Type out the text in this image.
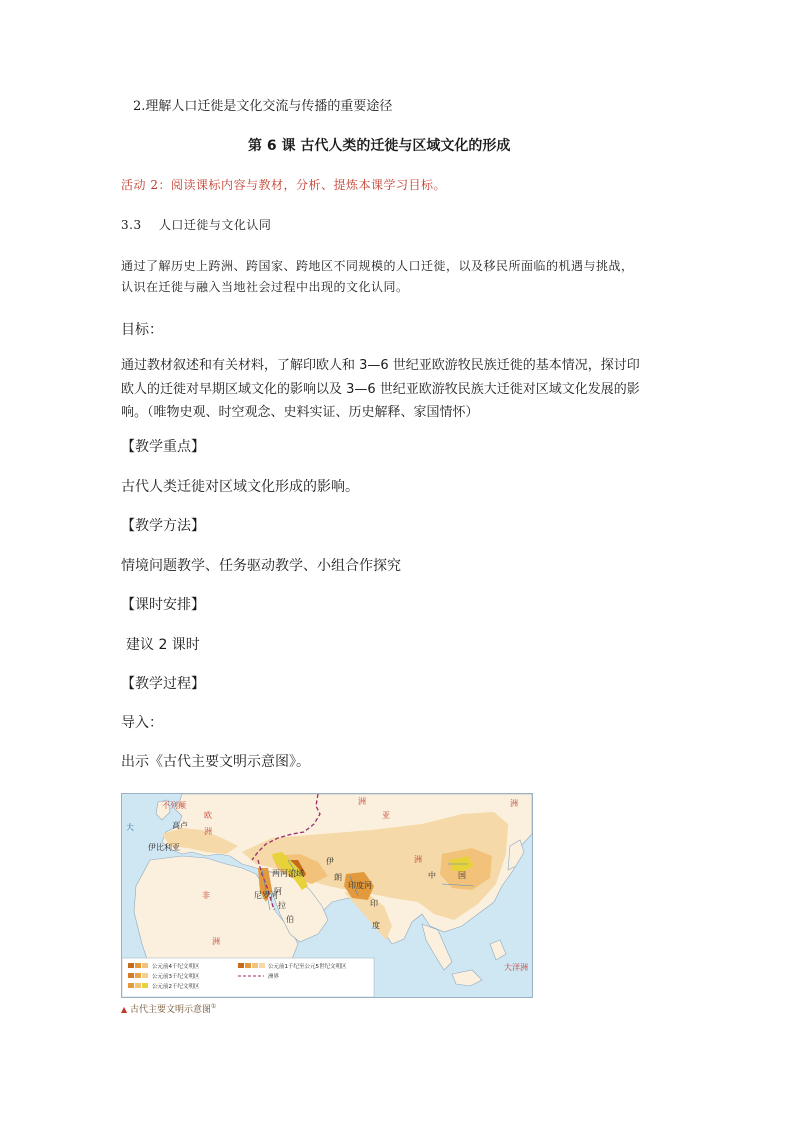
2.理解人口迁徙是文化交流与传播的重要途径

第 6 课 古代人类的迁徙与区域文化的形成

活动 2：阅读课标内容与教材，分析、提炼本课学习目标。

3.3 人口迁徙与文化认同

通过了解历史上跨洲、跨国家、跨地区不同规模的人口迁徙，以及移民所面临的机遇与挑战，

认识在迁徙与融入当地社会过程中出现的文化认同。

目标：

通过教材叙述和有关材料，了解印欧人和 3—6 世纪亚欧游牧民族迁徙的基本情况，探讨印

欧人的迁徙对早期区域文化的影响以及 3—6 世纪亚欧游牧民族大迁徙对区域文化发展的影

响。（唯物史观、时空观念、史料实证、历史解释、家国情怀）

【教学重点】

古代人类迁徙对区域文化形成的影响。

【教学方法】

情境问题教学、任务驱动教学、小组合作探究

【课时安排】

建议 2 课时

【教学过程】

导入：

出示《古代主要文明示意图》。

不列颠
欧
高卢
洲
伊比利亚
大
亚
洲	洲
洲
伊
朗
两河流域
印度河
中	国
非
洲
尼罗河
阿
拉
伯
印
度
大洋洲
公元前4千纪文明区
公元前3千纪文明区
公元前2千纪文明区
公元前1千纪至公元5世纪文明区
洲界
▲ 古代主要文明示意图①
